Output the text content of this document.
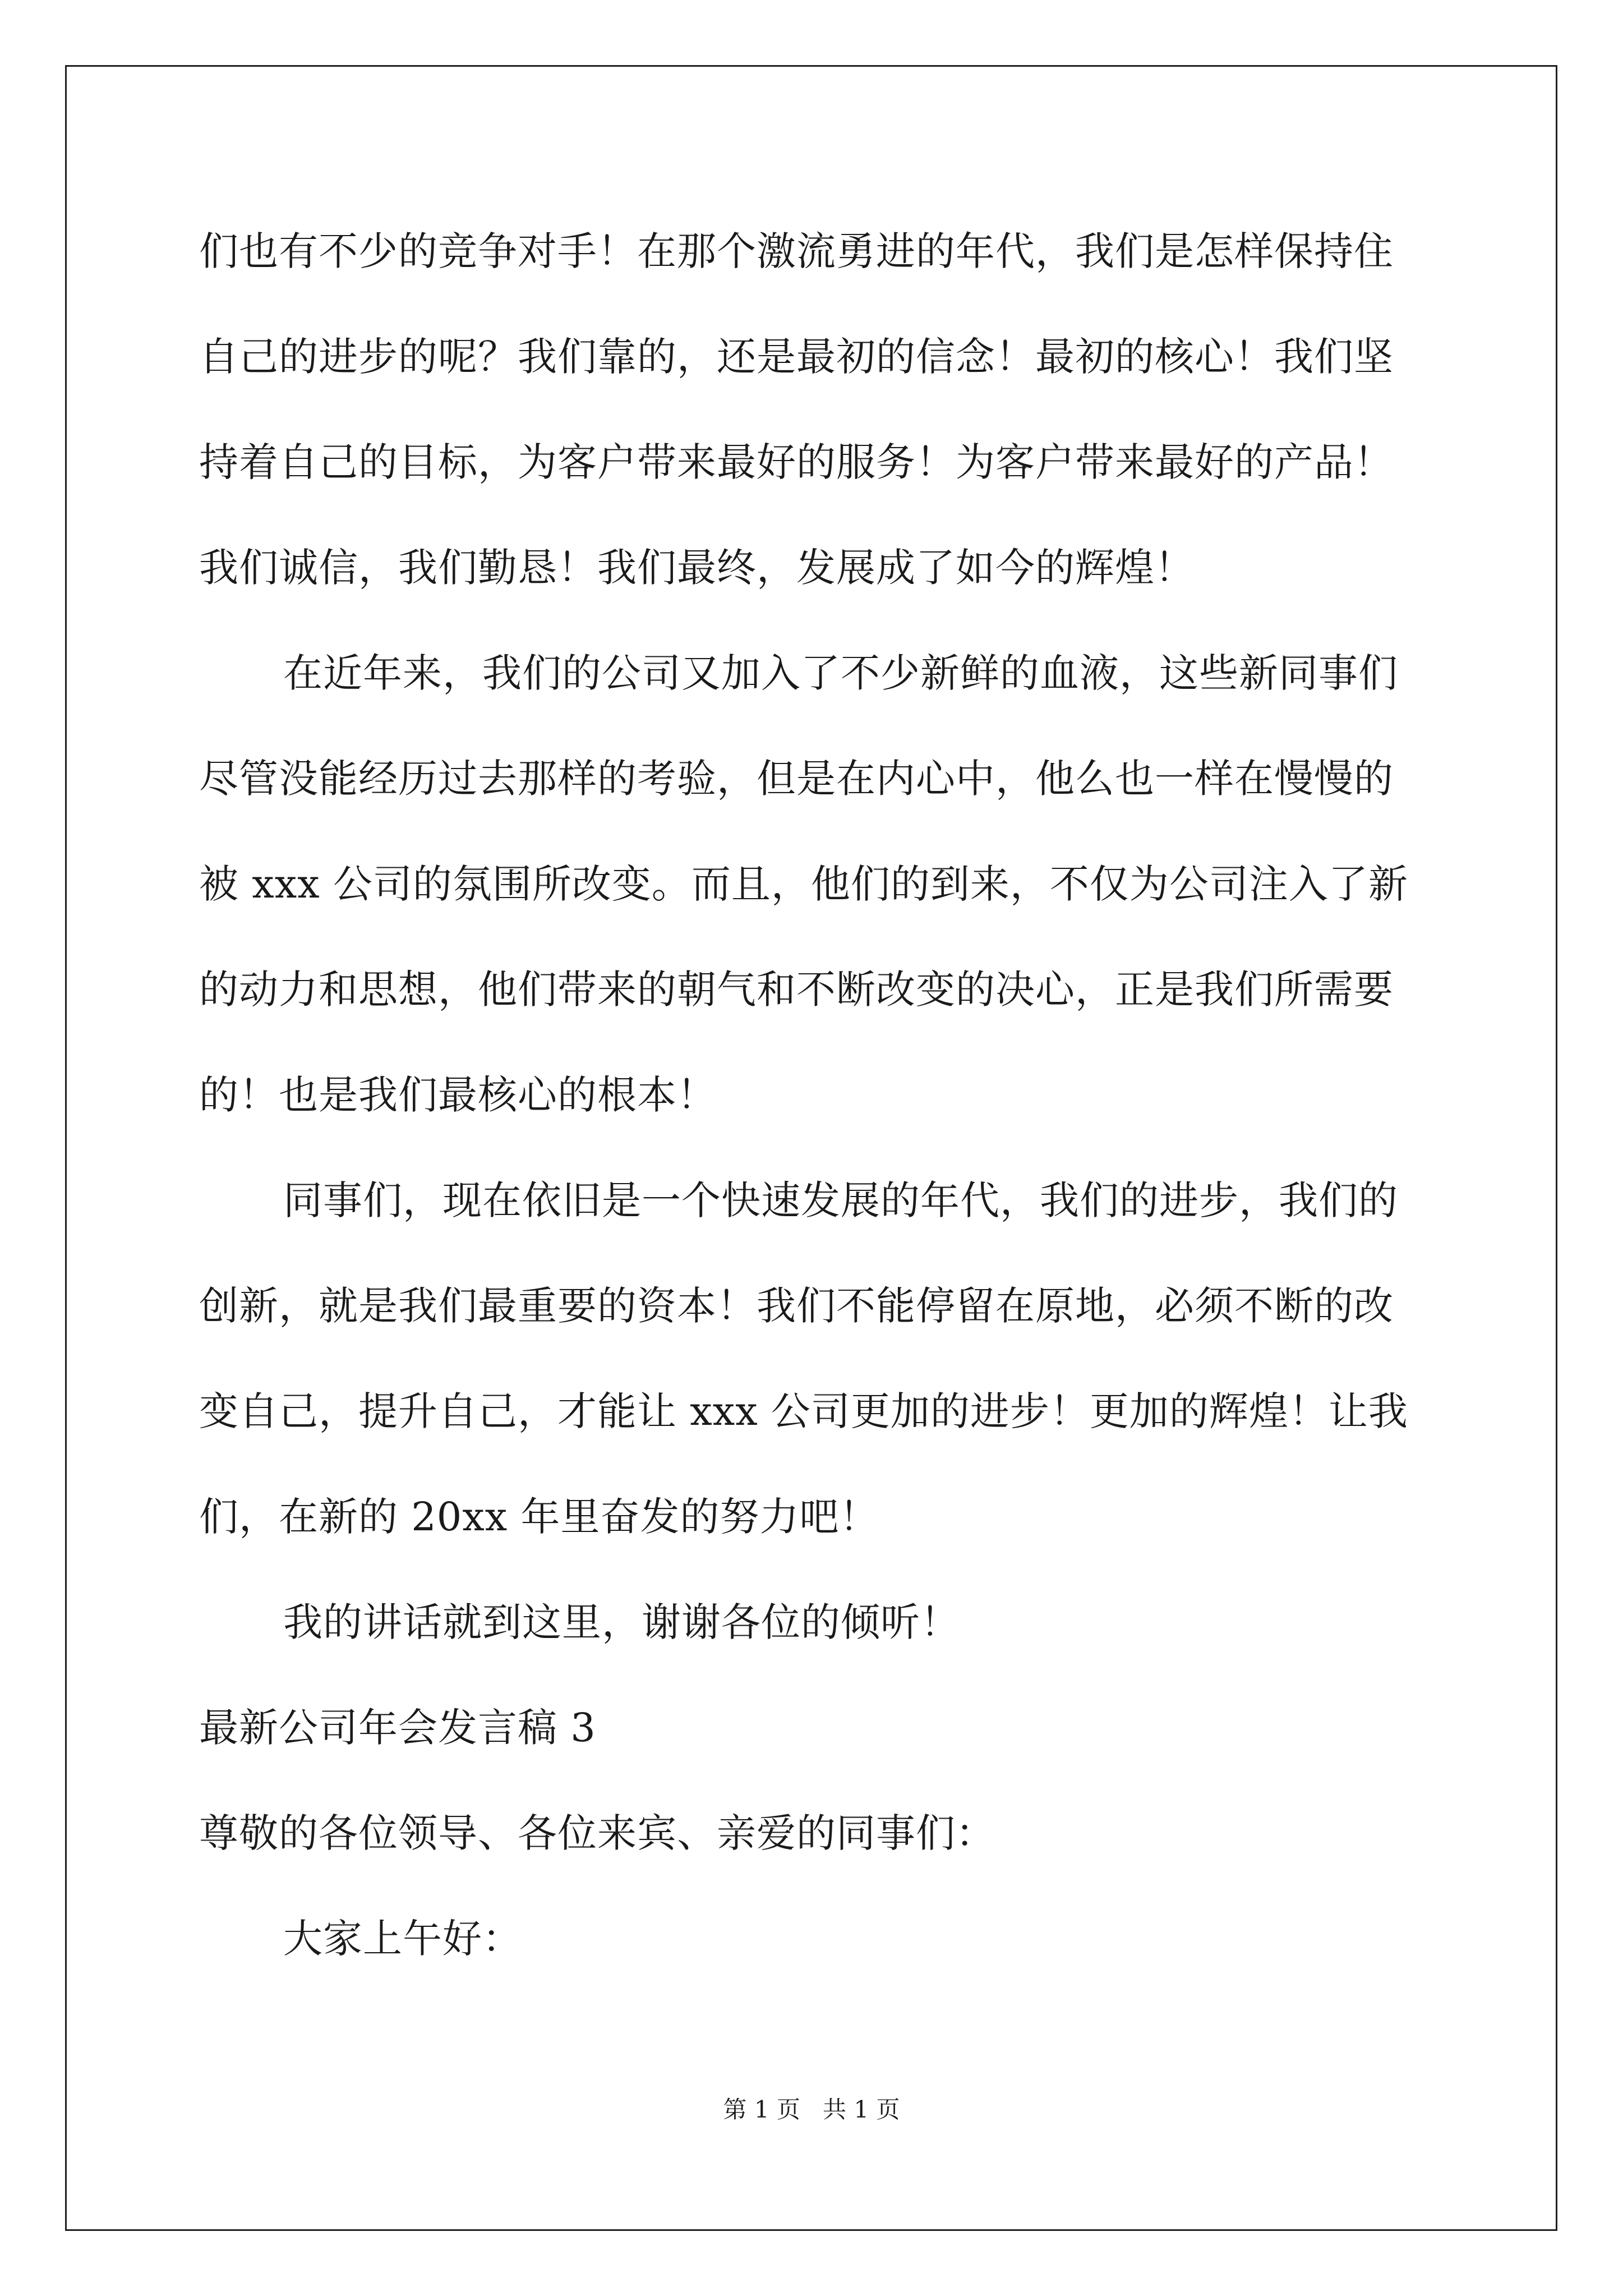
们也有不少的竞争对手！在那个激流勇进的年代，我们是怎样保持住
自己的进步的呢？我们靠的，还是最初的信念！最初的核心！我们坚
持着自己的目标，为客户带来最好的服务！为客户带来最好的产品！
我们诚信，我们勤恳！我们最终，发展成了如今的辉煌！
在近年来，我们的公司又加入了不少新鲜的血液，这些新同事们
尽管没能经历过去那样的考验，但是在内心中，他么也一样在慢慢的
被 xxx 公司的氛围所改变。而且，他们的到来，不仅为公司注入了新
的动力和思想，他们带来的朝气和不断改变的决心，正是我们所需要
的！也是我们最核心的根本！
同事们，现在依旧是一个快速发展的年代，我们的进步，我们的
创新，就是我们最重要的资本！我们不能停留在原地，必须不断的改
变自己，提升自己，才能让 xxx 公司更加的进步！更加的辉煌！让我
们，在新的 20xx 年里奋发的努力吧！
我的讲话就到这里，谢谢各位的倾听！
最新公司年会发言稿 3
尊敬的各位领导、各位来宾、亲爱的同事们：
大家上午好：
第 1 页   共 1 页
